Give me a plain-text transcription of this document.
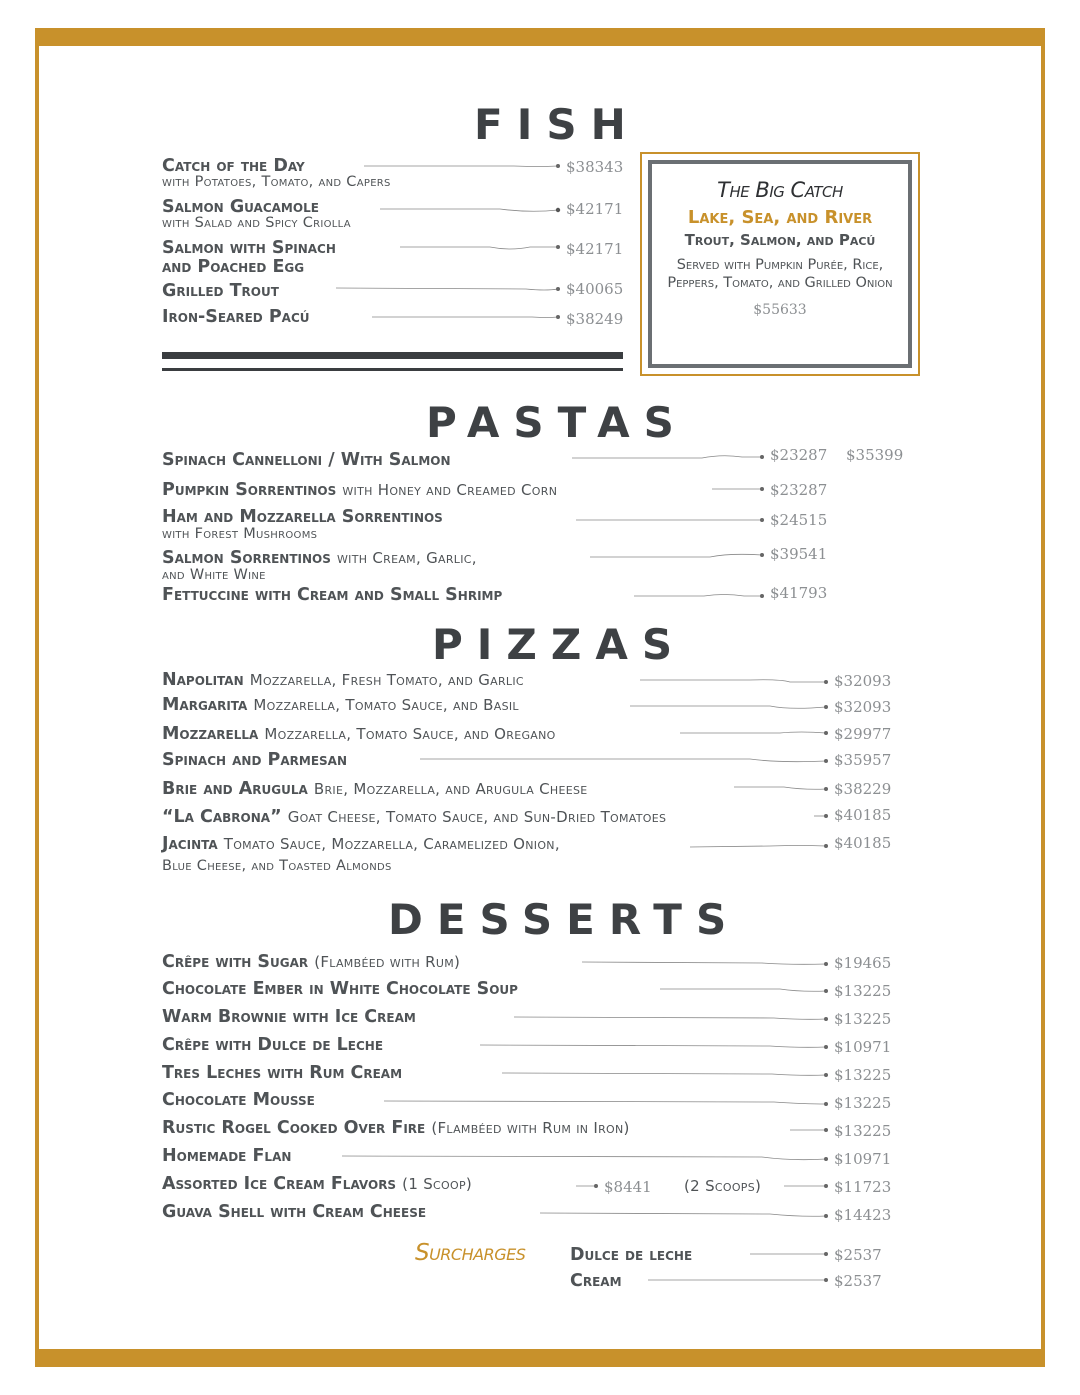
FISH
Catch of the Day
with Potatoes, Tomato, and Capers
$38343
Salmon Guacamole
with Salad and Spicy Criolla
$42171
Salmon with Spinach
and Poached Egg
$42171
Grilled Trout	$40065
Iron-Seared Pacú	$38249
The Big Catch
Lake, Sea, and River
Trout, Salmon, and Pacú
Served with Pumpkin Purée, Rice, Peppers, Tomato, and Grilled Onion
$55633
PASTAS
Spinach Cannelloni / With Salmon	$23287 $35399
Pumpkin Sorrentinos with Honey and Creamed Corn	$23287
Ham and Mozzarella Sorrentinos
with Forest Mushrooms
$24515
Salmon Sorrentinos with Cream, Garlic,
and White Wine
$39541
Fettuccine with Cream and Small Shrimp	$41793
PIZZAS
Napolitan Mozzarella, Fresh Tomato, and Garlic	$32093
Margarita Mozzarella, Tomato Sauce, and Basil	$32093
Mozzarella Mozzarella, Tomato Sauce, and Oregano	$29977
Spinach and Parmesan	$35957
Brie and Arugula Brie, Mozzarella, and Arugula Cheese	$38229
“La Cabrona” Goat Cheese, Tomato Sauce, and Sun-Dried Tomatoes	$40185
Jacinta Tomato Sauce, Mozzarella, Caramelized Onion,
Blue Cheese, and Toasted Almonds
$40185
DESSERTS
Crêpe with Sugar (Flambéed with Rum)	$19465
Chocolate Ember in White Chocolate Soup	$13225
Warm Brownie with Ice Cream	$13225
Crêpe with Dulce de Leche	$10971
Tres Leches with Rum Cream	$13225
Chocolate Mousse	$13225
Rustic Rogel Cooked Over Fire (Flambéed with Rum in Iron)	$13225
Homemade Flan	$10971
Assorted Ice Cream Flavors (1 Scoop)	$8441 (2 Scoops)	$11723
Guava Shell with Cream Cheese	$14423
Surcharges	Dulce de leche	$2537
Cream	$2537
